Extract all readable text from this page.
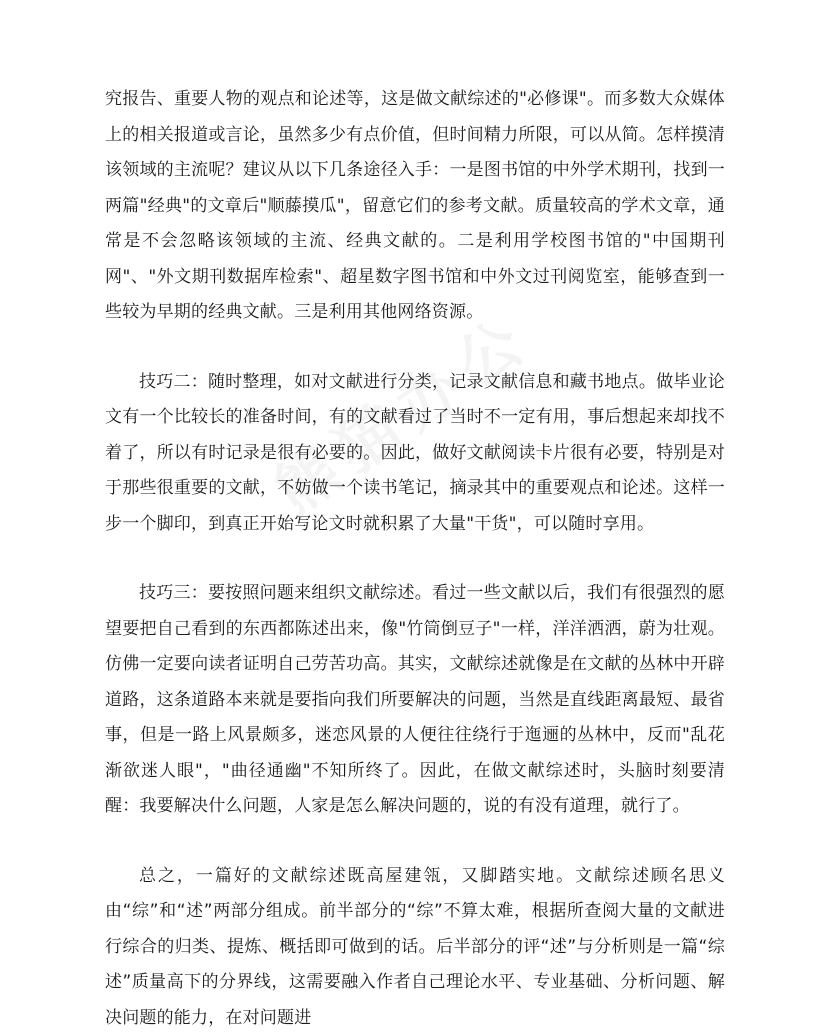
究报告、重要人物的观点和论述等，这是做文献综述的"必修课"。而多数大众媒体上的相关报道或言论，虽然多少有点价值，但时间精力所限，可以从简。怎样摸清该领域的主流呢？建议从以下几条途径入手：一是图书馆的中外学术期刊，找到一两篇"经典"的文章后"顺藤摸瓜"，留意它们的参考文献。质量较高的学术文章，通常是不会忽略该领域的主流、经典文献的。二是利用学校图书馆的"中国期刊网"、"外文期刊数据库检索"、超星数字图书馆和中外文过刊阅览室，能够查到一些较为早期的经典文献。三是利用其他网络资源。

技巧二：随时整理，如对文献进行分类，记录文献信息和藏书地点。做毕业论文有一个比较长的准备时间，有的文献看过了当时不一定有用，事后想起来却找不着了，所以有时记录是很有必要的。因此，做好文献阅读卡片很有必要，特别是对于那些很重要的文献，不妨做一个读书笔记，摘录其中的重要观点和论述。这样一步一个脚印，到真正开始写论文时就积累了大量"干货"，可以随时享用。

技巧三：要按照问题来组织文献综述。看过一些文献以后，我们有很强烈的愿望要把自己看到的东西都陈述出来，像"竹筒倒豆子"一样，洋洋洒洒，蔚为壮观。仿佛一定要向读者证明自己劳苦功高。其实，文献综述就像是在文献的丛林中开辟道路，这条道路本来就是要指向我们所要解决的问题，当然是直线距离最短、最省事，但是一路上风景颇多，迷恋风景的人便往往绕行于迤逦的丛林中，反而"乱花渐欲迷人眼"，"曲径通幽"不知所终了。因此，在做文献综述时，头脑时刻要清醒：我要解决什么问题，人家是怎么解决问题的，说的有没有道理，就行了。

总之，一篇好的文献综述既高屋建瓴，又脚踏实地。文献综述顾名思义由“综”和“述”两部分组成。前半部分的“综”不算太难，根据所查阅大量的文献进行综合的归类、提炼、概括即可做到的话。后半部分的评“述”与分析则是一篇“综述”质量高下的分界线，这需要融入作者自己理论水平、专业基础、分析问题、解决问题的能力，在对问题进
